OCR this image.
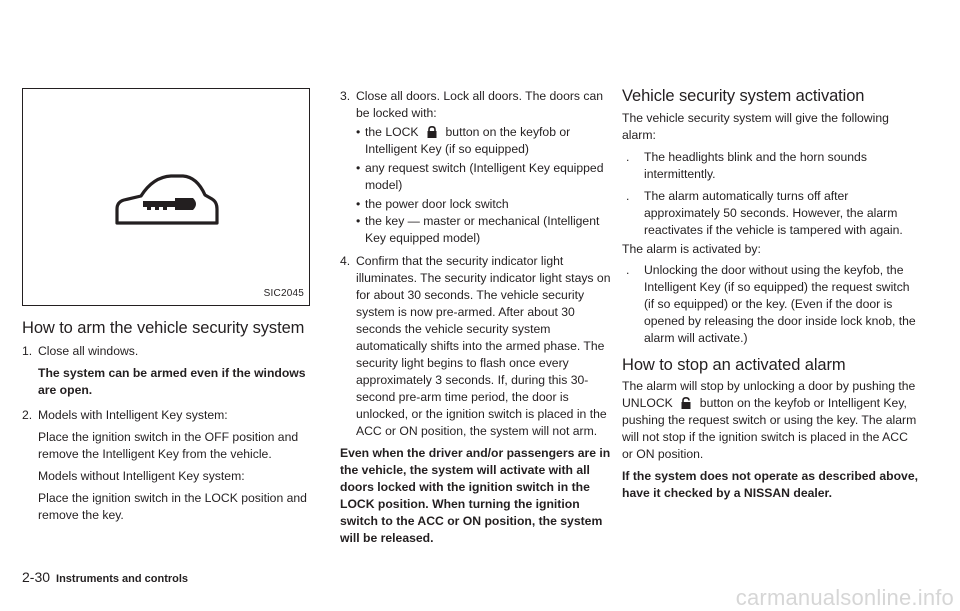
SIC2045
How to arm the vehicle security system
1. Close all windows.

The system can be armed even if the windows are open.

2. Models with Intelligent Key system:

Place the ignition switch in the OFF position and remove the Intelligent Key from the vehicle.

Models without Intelligent Key system:

Place the ignition switch in the LOCK position and remove the key.

3. Close all doors. Lock all doors. The doors can be locked with:

• the LOCK button on the keyfob or Intelligent Key (if so equipped)
• any request switch (Intelligent Key equipped model)
• the power door lock switch
• the key — master or mechanical (Intelligent Key equipped model)
4. Confirm that the security indicator light illuminates. The security indicator light stays on for about 30 seconds. The vehicle security system is now pre-armed. After about 30 seconds the vehicle security system automatically shifts into the armed phase. The security light begins to flash once every approximately 3 seconds. If, during this 30-second pre-arm time period, the door is unlocked, or the ignition switch is placed in the ACC or ON position, the system will not arm.

Even when the driver and/or passengers are in the vehicle, the system will activate with all doors locked with the ignition switch in the LOCK position. When turning the ignition switch to the ACC or ON position, the system will be released.

Vehicle security system activation

The vehicle security system will give the following alarm:

. The headlights blink and the horn sounds intermittently.
. The alarm automatically turns off after approximately 50 seconds. However, the alarm reactivates if the vehicle is tampered with again.

The alarm is activated by:

. Unlocking the door without using the keyfob, the Intelligent Key (if so equipped) the request switch (if so equipped) or the key. (Even if the door is opened by releasing the door inside lock knob, the alarm will activate.)
How to stop an activated alarm

The alarm will stop by unlocking a door by pushing the UNLOCK button on the keyfob or Intelligent Key, pushing the request switch or using the key. The alarm will not stop if the ignition switch is placed in the ACC or ON position.

If the system does not operate as described above, have it checked by a NISSAN dealer.

2-30 Instruments and controls
carmanualsonline.info
